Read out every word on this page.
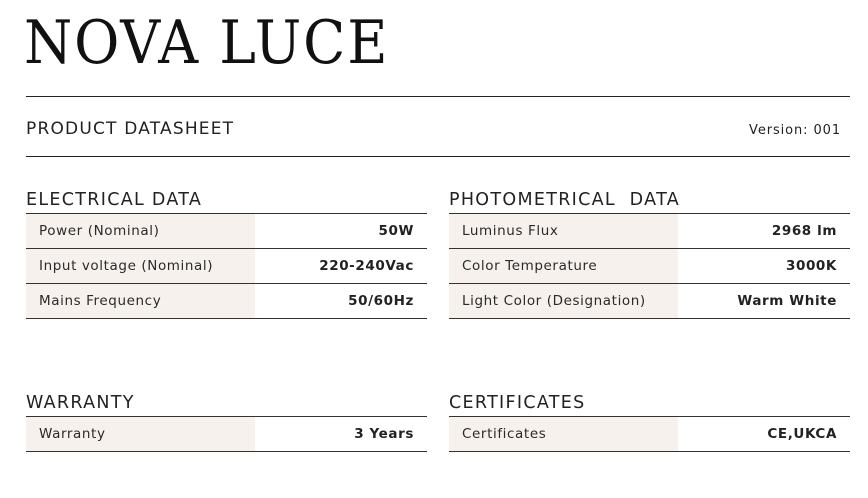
NOVA LUCE
PRODUCT DATASHEET	Version: 001
ELECTRICAL DATA
Power (Nominal)	50W
Input voltage (Nominal)	220-240Vac
Mains Frequency	50/60Hz
PHOTOMETRICAL  DATA
Luminus Flux	2968 lm
Color Temperature	3000K
Light Color (Designation)	Warm White
WARRANTY
Warranty	3 Years
CERTIFICATES
Certificates	CE,UKCA
